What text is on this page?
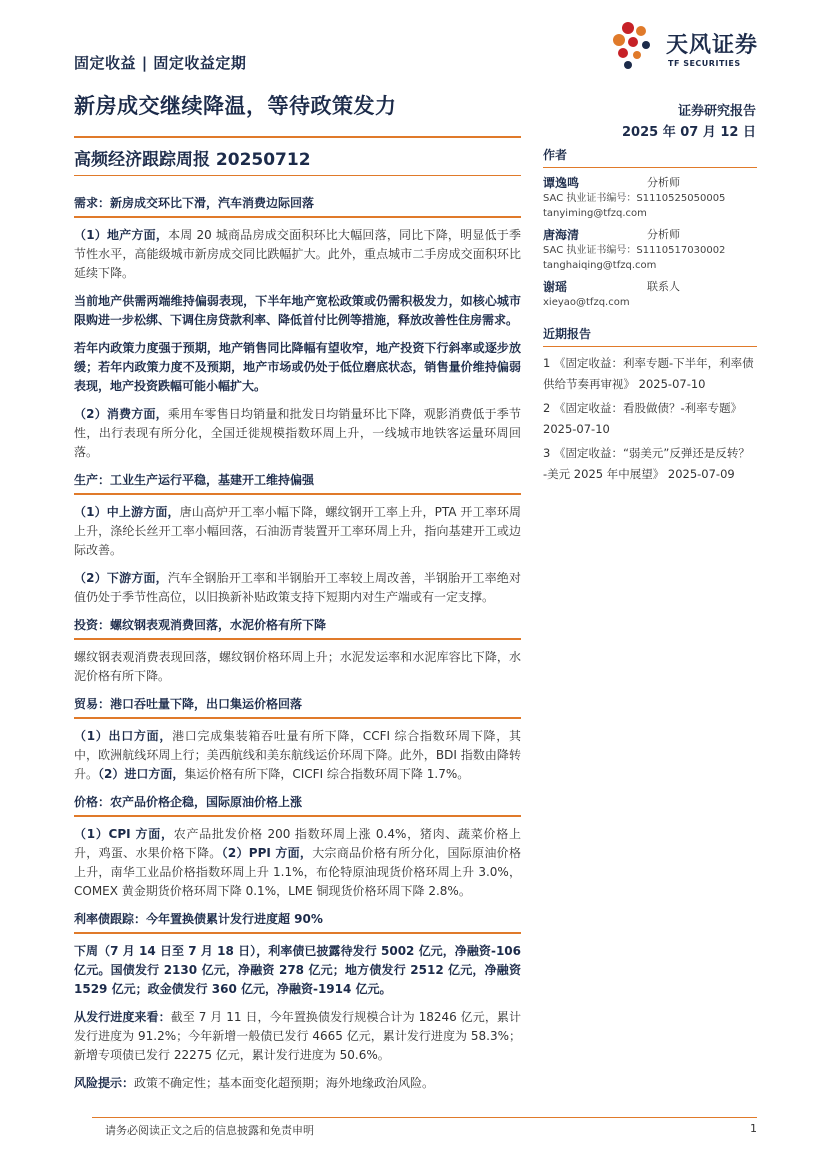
固定收益 | 固定收益定期
天风证券
TF SECURITIES
新房成交继续降温，等待政策发力	证券研究报告
2025 年 07 月 12 日
高频经济跟踪周报 20250712
需求：新房成交环比下滑，汽车消费边际回落

（1）地产方面，本周 20 城商品房成交面积环比大幅回落，同比下降，明显低于季节性水平，高能级城市新房成交同比跌幅扩大。此外，重点城市二手房成交面积环比延续下降。

当前地产供需两端维持偏弱表现，下半年地产宽松政策或仍需积极发力，如核心城市限购进一步松绑、下调住房贷款利率、降低首付比例等措施，释放改善性住房需求。

若年内政策力度强于预期，地产销售同比降幅有望收窄，地产投资下行斜率或逐步放缓；若年内政策力度不及预期，地产市场或仍处于低位磨底状态，销售量价维持偏弱表现，地产投资跌幅可能小幅扩大。

（2）消费方面，乘用车零售日均销量和批发日均销量环比下降，观影消费低于季节性，出行表现有所分化，全国迁徙规模指数环周上升，一线城市地铁客运量环周回落。

生产：工业生产运行平稳，基建开工维持偏强

（1）中上游方面，唐山高炉开工率小幅下降，螺纹钢开工率上升，PTA 开工率环周上升，涤纶长丝开工率小幅回落，石油沥青装置开工率环周上升，指向基建开工或边际改善。

（2）下游方面，汽车全钢胎开工率和半钢胎开工率较上周改善，半钢胎开工率绝对值仍处于季节性高位，以旧换新补贴政策支持下短期内对生产端或有一定支撑。

投资：螺纹钢表观消费回落，水泥价格有所下降

螺纹钢表观消费表现回落，螺纹钢价格环周上升；水泥发运率和水泥库容比下降，水泥价格有所下降。

贸易：港口吞吐量下降，出口集运价格回落

（1）出口方面，港口完成集装箱吞吐量有所下降，CCFI 综合指数环周下降，其中，欧洲航线环周上行；美西航线和美东航线运价环周下降。此外，BDI 指数由降转升。（2）进口方面，集运价格有所下降，CICFI 综合指数环周下降 1.7%。

价格：农产品价格企稳，国际原油价格上涨

（1）CPI 方面，农产品批发价格 200 指数环周上涨 0.4%，猪肉、蔬菜价格上升，鸡蛋、水果价格下降。（2）PPI 方面，大宗商品价格有所分化，国际原油价格上升，南华工业品价格指数环周上升 1.1%，布伦特原油现货价格环周上升 3.0%，COMEX 黄金期货价格环周下降 0.1%，LME 铜现货价格环周下降 2.8%。

利率债跟踪：今年置换债累计发行进度超 90%

下周（7 月 14 日至 7 月 18 日），利率债已披露待发行 5002 亿元，净融资-106 亿元。国债发行 2130 亿元，净融资 278 亿元；地方债发行 2512 亿元，净融资 1529 亿元；政金债发行 360 亿元，净融资-1914 亿元。

从发行进度来看：截至 7 月 11 日，今年置换债发行规模合计为 18246 亿元，累计发行进度为 91.2%；今年新增一般债已发行 4665 亿元，累计发行进度为 58.3%；新增专项债已发行 22275 亿元，累计发行进度为 50.6%。

风险提示：政策不确定性；基本面变化超预期；海外地缘政治风险。

作者
谭逸鸣	分析师
SAC 执业证书编号：S1110525050005
tanyiming@tfzq.com
唐海清	分析师
SAC 执业证书编号：S1110517030002
tanghaiqing@tfzq.com
谢瑶	联系人
xieyao@tfzq.com
近期报告
1 《固定收益：利率专题-下半年，利率债供给节奏再审视》 2025-07-10
2 《固定收益：看股做债？-利率专题》2025-07-10
3 《固定收益：“弱美元”反弹还是反转？ -美元 2025 年中展望》 2025-07-09
请务必阅读正文之后的信息披露和免责申明	1
